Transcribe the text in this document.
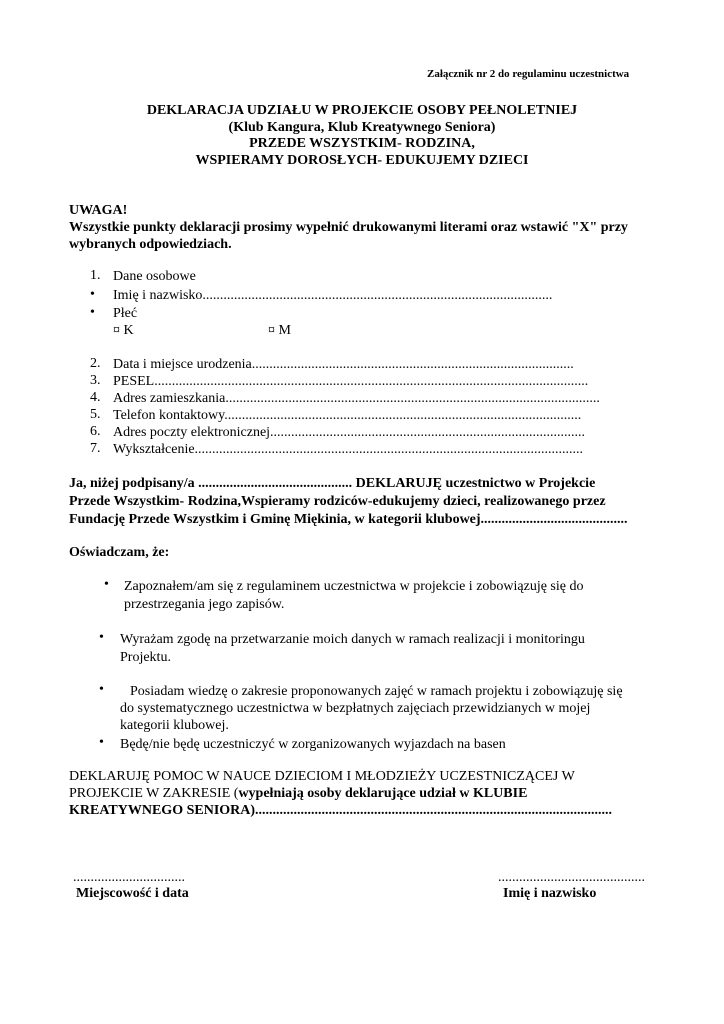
Załącznik nr 2 do regulaminu uczestnictwa
DEKLARACJA UDZIAŁU W PROJEKCIE OSOBY PEŁNOLETNIEJ
(Klub Kangura, Klub Kreatywnego Seniora)
PRZEDE WSZYSTKIM- RODZINA,
WSPIERAMY DOROSŁYCH- EDUKUJEMY DZIECI
UWAGA!
Wszystkie punkty deklaracji prosimy wypełnić drukowanymi literami oraz wstawić "X" przy
wybranych odpowiedziach.
1. Dane osobowe
• Imię i nazwisko....................................................................................................
• Płeć
¤ K	¤ M
2. Data i miejsce urodzenia............................................................................................
3. PESEL............................................................................................................................
4. Adres zamieszkania...........................................................................................................
5. Telefon kontaktowy......................................................................................................
6. Adres poczty elektronicznej..........................................................................................
7. Wykształcenie...............................................................................................................
Ja, niżej podpisany/a ............................................ DEKLARUJĘ uczestnictwo w Projekcie
Przede Wszystkim- Rodzina,Wspieramy rodziców-edukujemy dzieci, realizowanego przez
Fundację Przede Wszystkim i Gminę Miękinia, w kategorii klubowej..........................................
Oświadczam, że:
• Zapoznałem/am się z regulaminem uczestnictwa w projekcie i zobowiązuję się do
przestrzegania jego zapisów.
• Wyrażam zgodę na przetwarzanie moich danych w ramach realizacji i monitoringu
Projektu.
• Posiadam wiedzę o zakresie proponowanych zajęć w ramach projektu i zobowiązuję się
do systematycznego uczestnictwa w bezpłatnych zajęciach przewidzianych w mojej
kategorii klubowej.
• Będę/nie będę uczestniczyć w zorganizowanych wyjazdach na basen
DEKLARUJĘ POMOC W NAUCE DZIECIOM I MŁODZIEŻY UCZESTNICZĄCEJ W
PROJEKCIE W ZAKRESIE (wypełniają osoby deklarujące udział w KLUBIE
KREATYWNEGO SENIORA)......................................................................................................
................................
Miejscowość i data
..........................................
Imię i nazwisko
